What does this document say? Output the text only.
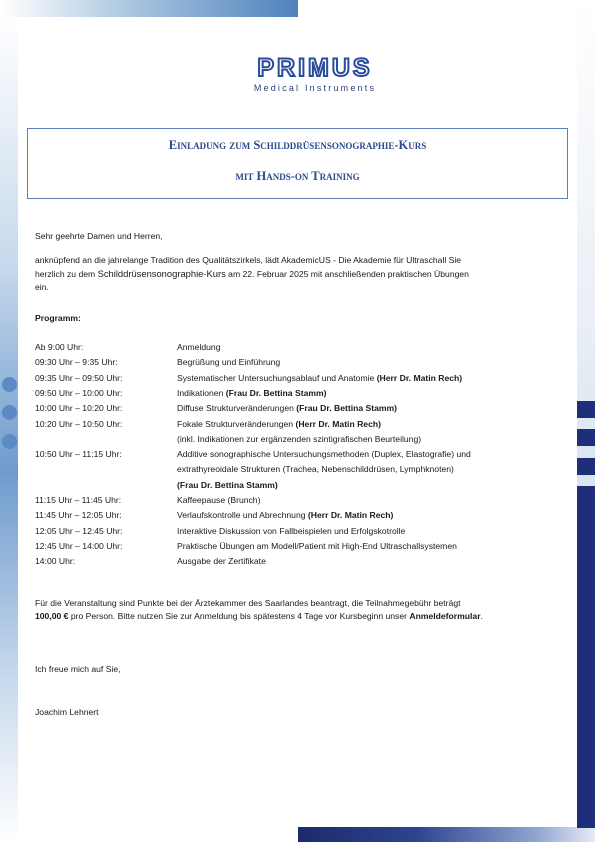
PRIMUS
Medical Instruments
Einladung zum Schilddrüsensonographie-Kurs
mit Hands-on Training
Sehr geehrte Damen und Herren,
anknüpfend an die jahrelange Tradition des Qualitätszirkels, lädt AkademicUS - Die Akademie für Ultraschall Sie
herzlich zu dem Schilddrüsensonographie-Kurs am 22. Februar 2025 mit anschließenden praktischen Übungen
ein.
Programm:
Ab 9:00 Uhr:	Anmeldung
09:30 Uhr – 9:35 Uhr:	Begrüßung und Einführung
09:35 Uhr – 09:50 Uhr:	Systematischer Untersuchungsablauf und Anatomie (Herr Dr. Matin Rech)
09:50 Uhr – 10:00 Uhr:	Indikationen (Frau Dr. Bettina Stamm)
10:00 Uhr – 10:20 Uhr:	Diffuse Strukturveränderungen (Frau Dr. Bettina Stamm)
10:20 Uhr – 10:50 Uhr:	Fokale Strukturveränderungen (Herr Dr. Matin Rech)
(inkl. Indikationen zur ergänzenden szintigrafischen Beurteilung)
10:50 Uhr – 11:15 Uhr:	Additive sonographische Untersuchungsmethoden (Duplex, Elastografie) und
extrathyreoidale Strukturen (Trachea, Nebenschilddrüsen, Lymphknoten)
(Frau Dr. Bettina Stamm)
11:15 Uhr – 11:45 Uhr:	Kaffeepause (Brunch)
11:45 Uhr – 12:05 Uhr:	Verlaufskontrolle und Abrechnung (Herr Dr. Matin Rech)
12:05 Uhr – 12:45 Uhr:	Interaktive Diskussion von Fallbeispielen und Erfolgskotrolle
12:45 Uhr – 14:00 Uhr:	Praktische Übungen am Modell/Patient mit High-End Ultraschallsystemen
14:00 Uhr:	Ausgabe der Zertifikate
Für die Veranstaltung sind Punkte bei der Ärztekammer des Saarlandes beantragt, die Teilnahmegebühr beträgt
100,00 € pro Person. Bitte nutzen Sie zur Anmeldung bis spätestens 4 Tage vor Kursbeginn unser Anmeldeformular.
Ich freue mich auf Sie,
Joachim Lehnert
